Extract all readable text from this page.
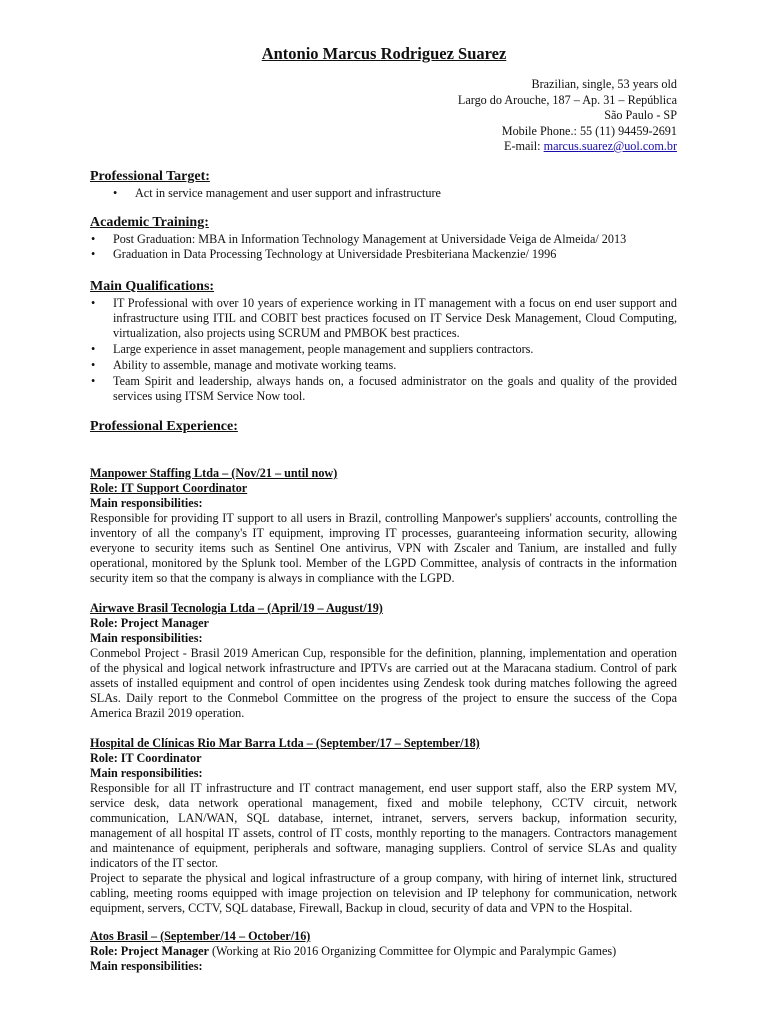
Antonio Marcus Rodriguez Suarez
Brazilian, single, 53 years old
Largo do Arouche, 187 – Ap. 31 – República
São Paulo - SP
Mobile Phone.: 55 (11) 94459-2691
E-mail: marcus.suarez@uol.com.br
Professional Target:
• Act in service management and user support and infrastructure
Academic Training:
• Post Graduation: MBA in Information Technology Management at Universidade Veiga de Almeida/ 2013
• Graduation in Data Processing Technology at Universidade Presbiteriana Mackenzie/ 1996
Main Qualifications:
• IT Professional with over 10 years of experience working in IT management with a focus on end user support and infrastructure using ITIL and COBIT best practices focused on IT Service Desk Management, Cloud Computing, virtualization, also projects using SCRUM and PMBOK best practices.
• Large experience in asset management, people management and suppliers contractors.
• Ability to assemble, manage and motivate working teams.
• Team Spirit and leadership, always hands on, a focused administrator on the goals and quality of the provided services using ITSM Service Now tool.
Professional Experience:
Manpower Staffing Ltda – (Nov/21 – until now)
Role: IT Support Coordinator
Main responsibilities:

Responsible for providing IT support to all users in Brazil, controlling Manpower's suppliers' accounts, controlling the inventory of all the company's IT equipment, improving IT processes, guaranteeing information security, allowing everyone to security items such as Sentinel One antivirus, VPN with Zscaler and Tanium, are installed and fully operational, monitored by the Splunk tool. Member of the LGPD Committee, analysis of contracts in the information security item so that the company is always in compliance with the LGPD.

Airwave Brasil Tecnologia Ltda – (April/19 – August/19)
Role: Project Manager
Main responsibilities:

Conmebol Project - Brasil 2019 American Cup, responsible for the definition, planning, implementation and operation of the physical and logical network infrastructure and IPTVs are carried out at the Maracana stadium. Control of park assets of installed equipment and control of open incidentes using Zendesk took during matches following the agreed SLAs. Daily report to the Conmebol Committee on the progress of the project to ensure the success of the Copa America Brazil 2019 operation.

Hospital de Clínicas Rio Mar Barra Ltda – (September/17 – September/18)
Role: IT Coordinator
Main responsibilities:

Responsible for all IT infrastructure and IT contract management, end user support staff, also the ERP system MV, service desk, data network operational management, fixed and mobile telephony, CCTV circuit, network communication, LAN/WAN, SQL database, internet, intranet, servers, servers backup, information security, management of all hospital IT assets, control of IT costs, monthly reporting to the managers. Contractors management and maintenance of equipment, peripherals and software, managing suppliers. Control of service SLAs and quality indicators of the IT sector.

Project to separate the physical and logical infrastructure of a group company, with hiring of internet link, structured cabling, meeting rooms equipped with image projection on television and IP telephony for communication, network equipment, servers, CCTV, SQL database, Firewall, Backup in cloud, security of data and VPN to the Hospital.

Atos Brasil – (September/14 – October/16)
Role: Project Manager (Working at Rio 2016 Organizing Committee for Olympic and Paralympic Games)
Main responsibilities:
